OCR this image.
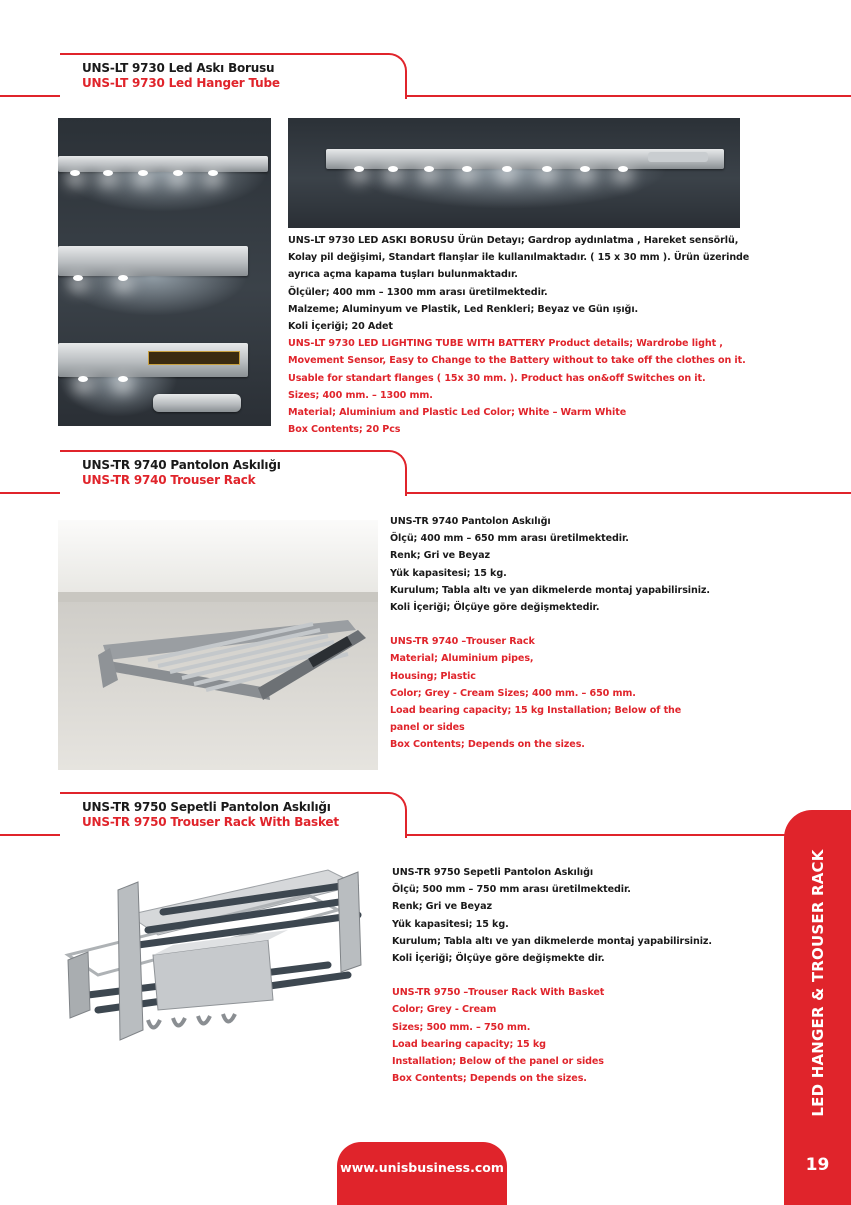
UNS-LT 9730 Led Askı Borusu
UNS-LT 9730 Led Hanger Tube
UNS-LT 9730 LED ASKI BORUSU Ürün Detayı; Gardrop aydınlatma , Hareket sensörlü,
Kolay pil değişimi, Standart flanşlar ile kullanılmaktadır. ( 15 x 30 mm ). Ürün üzerinde
ayrıca açma kapama tuşları bulunmaktadır.
Ölçüler; 400 mm – 1300 mm arası üretilmektedir.
Malzeme; Aluminyum ve Plastik, Led Renkleri; Beyaz ve Gün ışığı.
Koli İçeriği; 20 Adet
UNS-LT 9730 LED LIGHTING TUBE WITH BATTERY Product details; Wardrobe light ,
Movement Sensor, Easy to Change to the Battery without to take off the clothes on it.
Usable for standart flanges ( 15x 30 mm. ). Product has on&off Switches on it.
Sizes; 400 mm. – 1300 mm.
Material; Aluminium and Plastic Led Color; White – Warm White
Box Contents; 20 Pcs
UNS-TR 9740 Pantolon Askılığı
UNS-TR 9740 Trouser Rack
UNS-TR 9740 Pantolon Askılığı
Ölçü; 400 mm – 650 mm arası üretilmektedir.
Renk; Gri ve Beyaz
Yük kapasitesi; 15 kg.
Kurulum; Tabla altı ve yan dikmelerde montaj yapabilirsiniz.
Koli İçeriği; Ölçüye göre değişmektedir.
UNS-TR 9740 –Trouser Rack
Material; Aluminium pipes,
Housing; Plastic
Color; Grey - Cream Sizes; 400 mm. – 650 mm.
Load bearing capacity; 15 kg Installation; Below of the
panel or sides
Box Contents; Depends on the sizes.
UNS-TR 9750 Sepetli Pantolon Askılığı
UNS-TR 9750 Trouser Rack With Basket
UNS-TR 9750 Sepetli Pantolon Askılığı
Ölçü; 500 mm – 750 mm arası üretilmektedir.
Renk; Gri ve Beyaz
Yük kapasitesi; 15 kg.
Kurulum; Tabla altı ve yan dikmelerde montaj yapabilirsiniz.
Koli İçeriği; Ölçüye göre değişmekte dir.
UNS-TR 9750 –Trouser Rack With Basket
Color; Grey - Cream
Sizes; 500 mm. – 750 mm.
Load bearing capacity; 15 kg
Installation; Below of the panel or sides
Box Contents; Depends on the sizes.	LED HANGER & TROUSER RACK
19
www.unisbusiness.com
